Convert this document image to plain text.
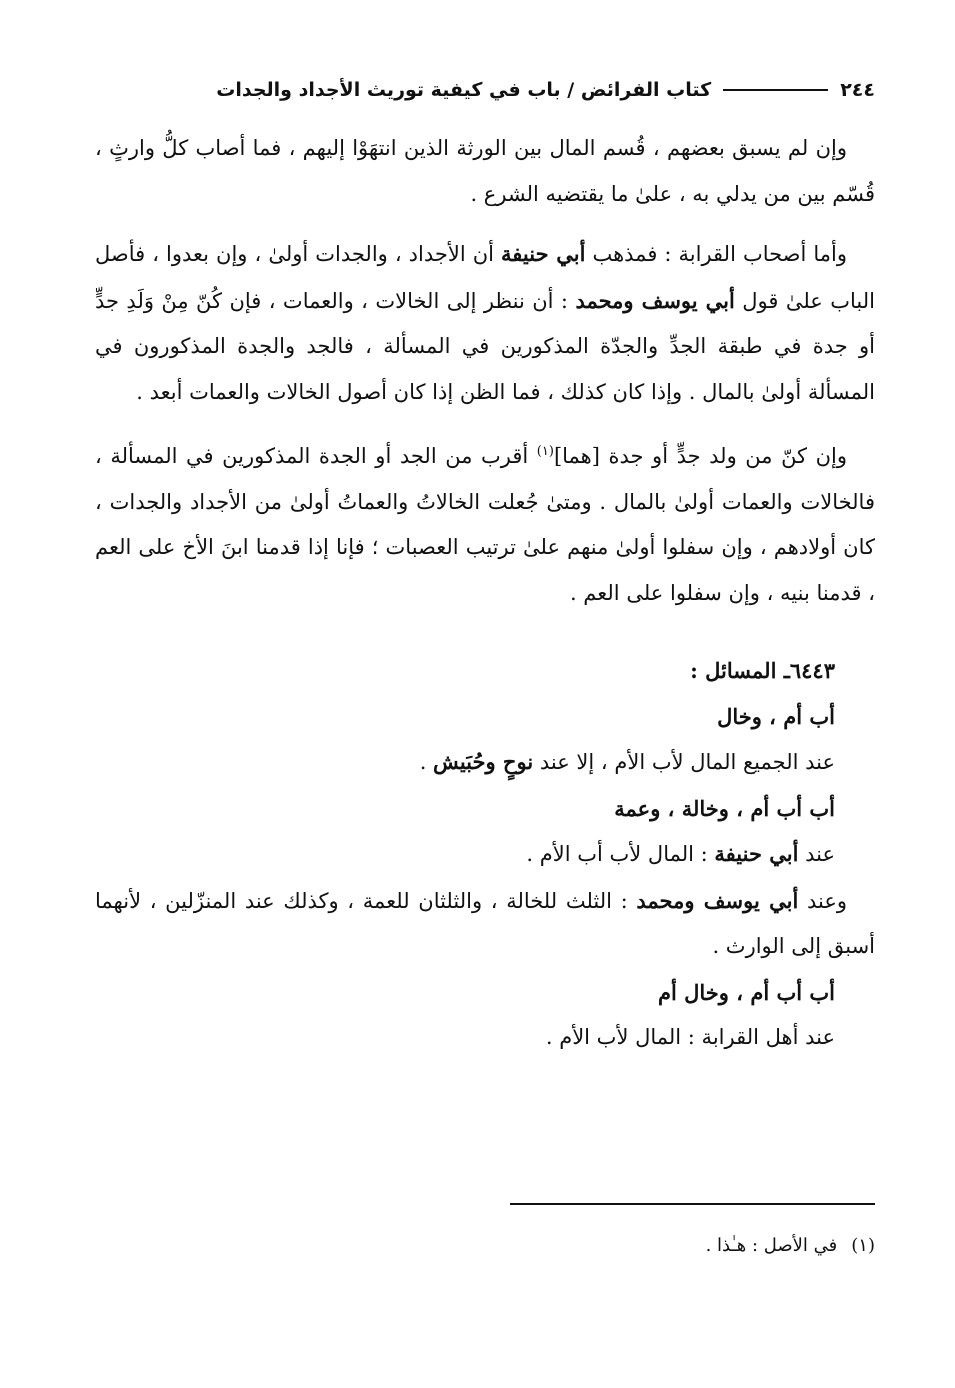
٢٤٤
كتاب الفرائض / باب في كيفية توريث الأجداد والجدات

وإن لم يسبق بعضهم ، قُسم المال بين الورثة الذين انتهَوْا إليهم ، فما أصاب كلُّ وارثٍ ، قُسّم بين من يدلي به ، علىٰ ما يقتضيه الشرع .

وأما أصحاب القرابة : فمذهب أبي حنيفة أن الأجداد ، والجدات أولىٰ ، وإن بعدوا ، فأصل الباب علىٰ قول أبي يوسف ومحمد : أن ننظر إلى الخالات ، والعمات ، فإن كُنّ مِنْ وَلَدِ جدٍّ أو جدة في طبقة الجدِّ والجدّة المذكورين في المسألة ، فالجد والجدة المذكورون في المسألة أولىٰ بالمال . وإذا كان كذلك ، فما الظن إذا كان أصول الخالات والعمات أبعد .

وإن كنّ من ولد جدٍّ أو جدة [هما]$^{(١)}$ أقرب من الجد أو الجدة المذكورين في المسألة ، فالخالات والعمات أولىٰ بالمال . ومتىٰ جُعلت الخالاتُ والعماتُ أولىٰ من الأجداد والجدات ، كان أولادهم ، وإن سفلوا أولىٰ منهم علىٰ ترتيب العصبات ؛ فإنا إذا قدمنا ابنَ الأخ على العم ، قدمنا بنيه ، وإن سفلوا على العم .

٦٤٤٣ـ المسائل :

أب أم ، وخال

عند الجميع المال لأب الأم ، إلا عند نوحٍ وحُبَيش .

أب أب أم ، وخالة ، وعمة

عند أبي حنيفة : المال لأب أب الأم .

وعند أبي يوسف ومحمد : الثلث للخالة ، والثلثان للعمة ، وكذلك عند المنزّلين ، لأنهما أسبق إلى الوارث .

أب أب أم ، وخال أم

عند أهل القرابة : المال لأب الأم .

(١)في الأصل : هـٰذا .
